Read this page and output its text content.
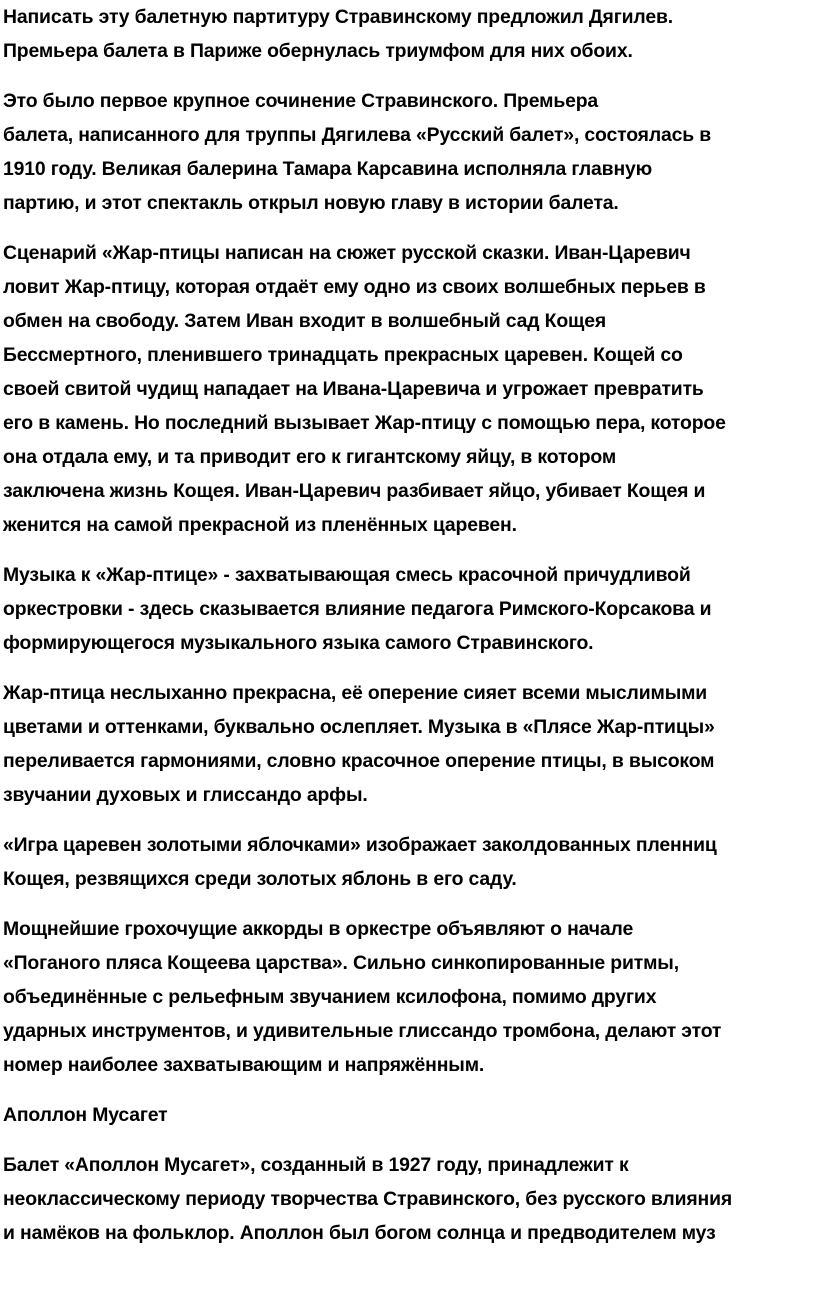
Написать эту балетную партитуру Стравинскому предложил Дягилев.
Премьера балета в Париже обернулась триумфом для них обоих.

Это было первое крупное сочинение Стравинского. Премьера
балета, написанного для труппы Дягилева «Русский балет», состоялась в
1910 году. Великая балерина Тамара Карсавина исполняла главную
партию, и этот спектакль открыл новую главу в истории балета.

Сценарий «Жар-птицы написан на сюжет русской сказки. Иван-Царевич
ловит Жар-птицу, которая отдаёт ему одно из своих волшебных перьев в
обмен на свободу. Затем Иван входит в волшебный сад Кощея
Бессмертного, пленившего тринадцать прекрасных царевен. Кощей со
своей свитой чудищ нападает на Ивана-Царевича и угрожает превратить
его в камень. Но последний вызывает Жар-птицу с помощью пера, которое
она отдала ему, и та приводит его к гигантскому яйцу, в котором
заключена жизнь Кощея. Иван-Царевич разбивает яйцо, убивает Кощея и
женится на самой прекрасной из пленённых царевен.

Музыка к «Жар-птице» - захватывающая смесь красочной причудливой
оркестровки - здесь сказывается влияние педагога Римского-Корсакова и
формирующегося музыкального языка самого Стравинского.

Жар-птица неслыханно прекрасна, её оперение сияет всеми мыслимыми
цветами и оттенками, буквально ослепляет. Музыка в «Плясе Жар-птицы»
переливается гармониями, словно красочное оперение птицы, в высоком
звучании духовых и глиссандо арфы.

«Игра царевен золотыми яблочками» изображает заколдованных пленниц
Кощея, резвящихся среди золотых яблонь в его саду.

Мощнейшие грохочущие аккорды в оркестре объявляют о начале
«Поганого пляса Кощеева царства». Сильно синкопированные ритмы,
объединённые с рельефным звучанием ксилофона, помимо других
ударных инструментов, и удивительные глиссандо тромбона, делают этот
номер наиболее захватывающим и напряжённым.

Аполлон Мусагет

Балет «Аполлон Мусагет», созданный в 1927 году, принадлежит к
неоклассическому периоду творчества Стравинского, без русского влияния
и намёков на фольклор. Аполлон был богом солнца и предводителем муз
